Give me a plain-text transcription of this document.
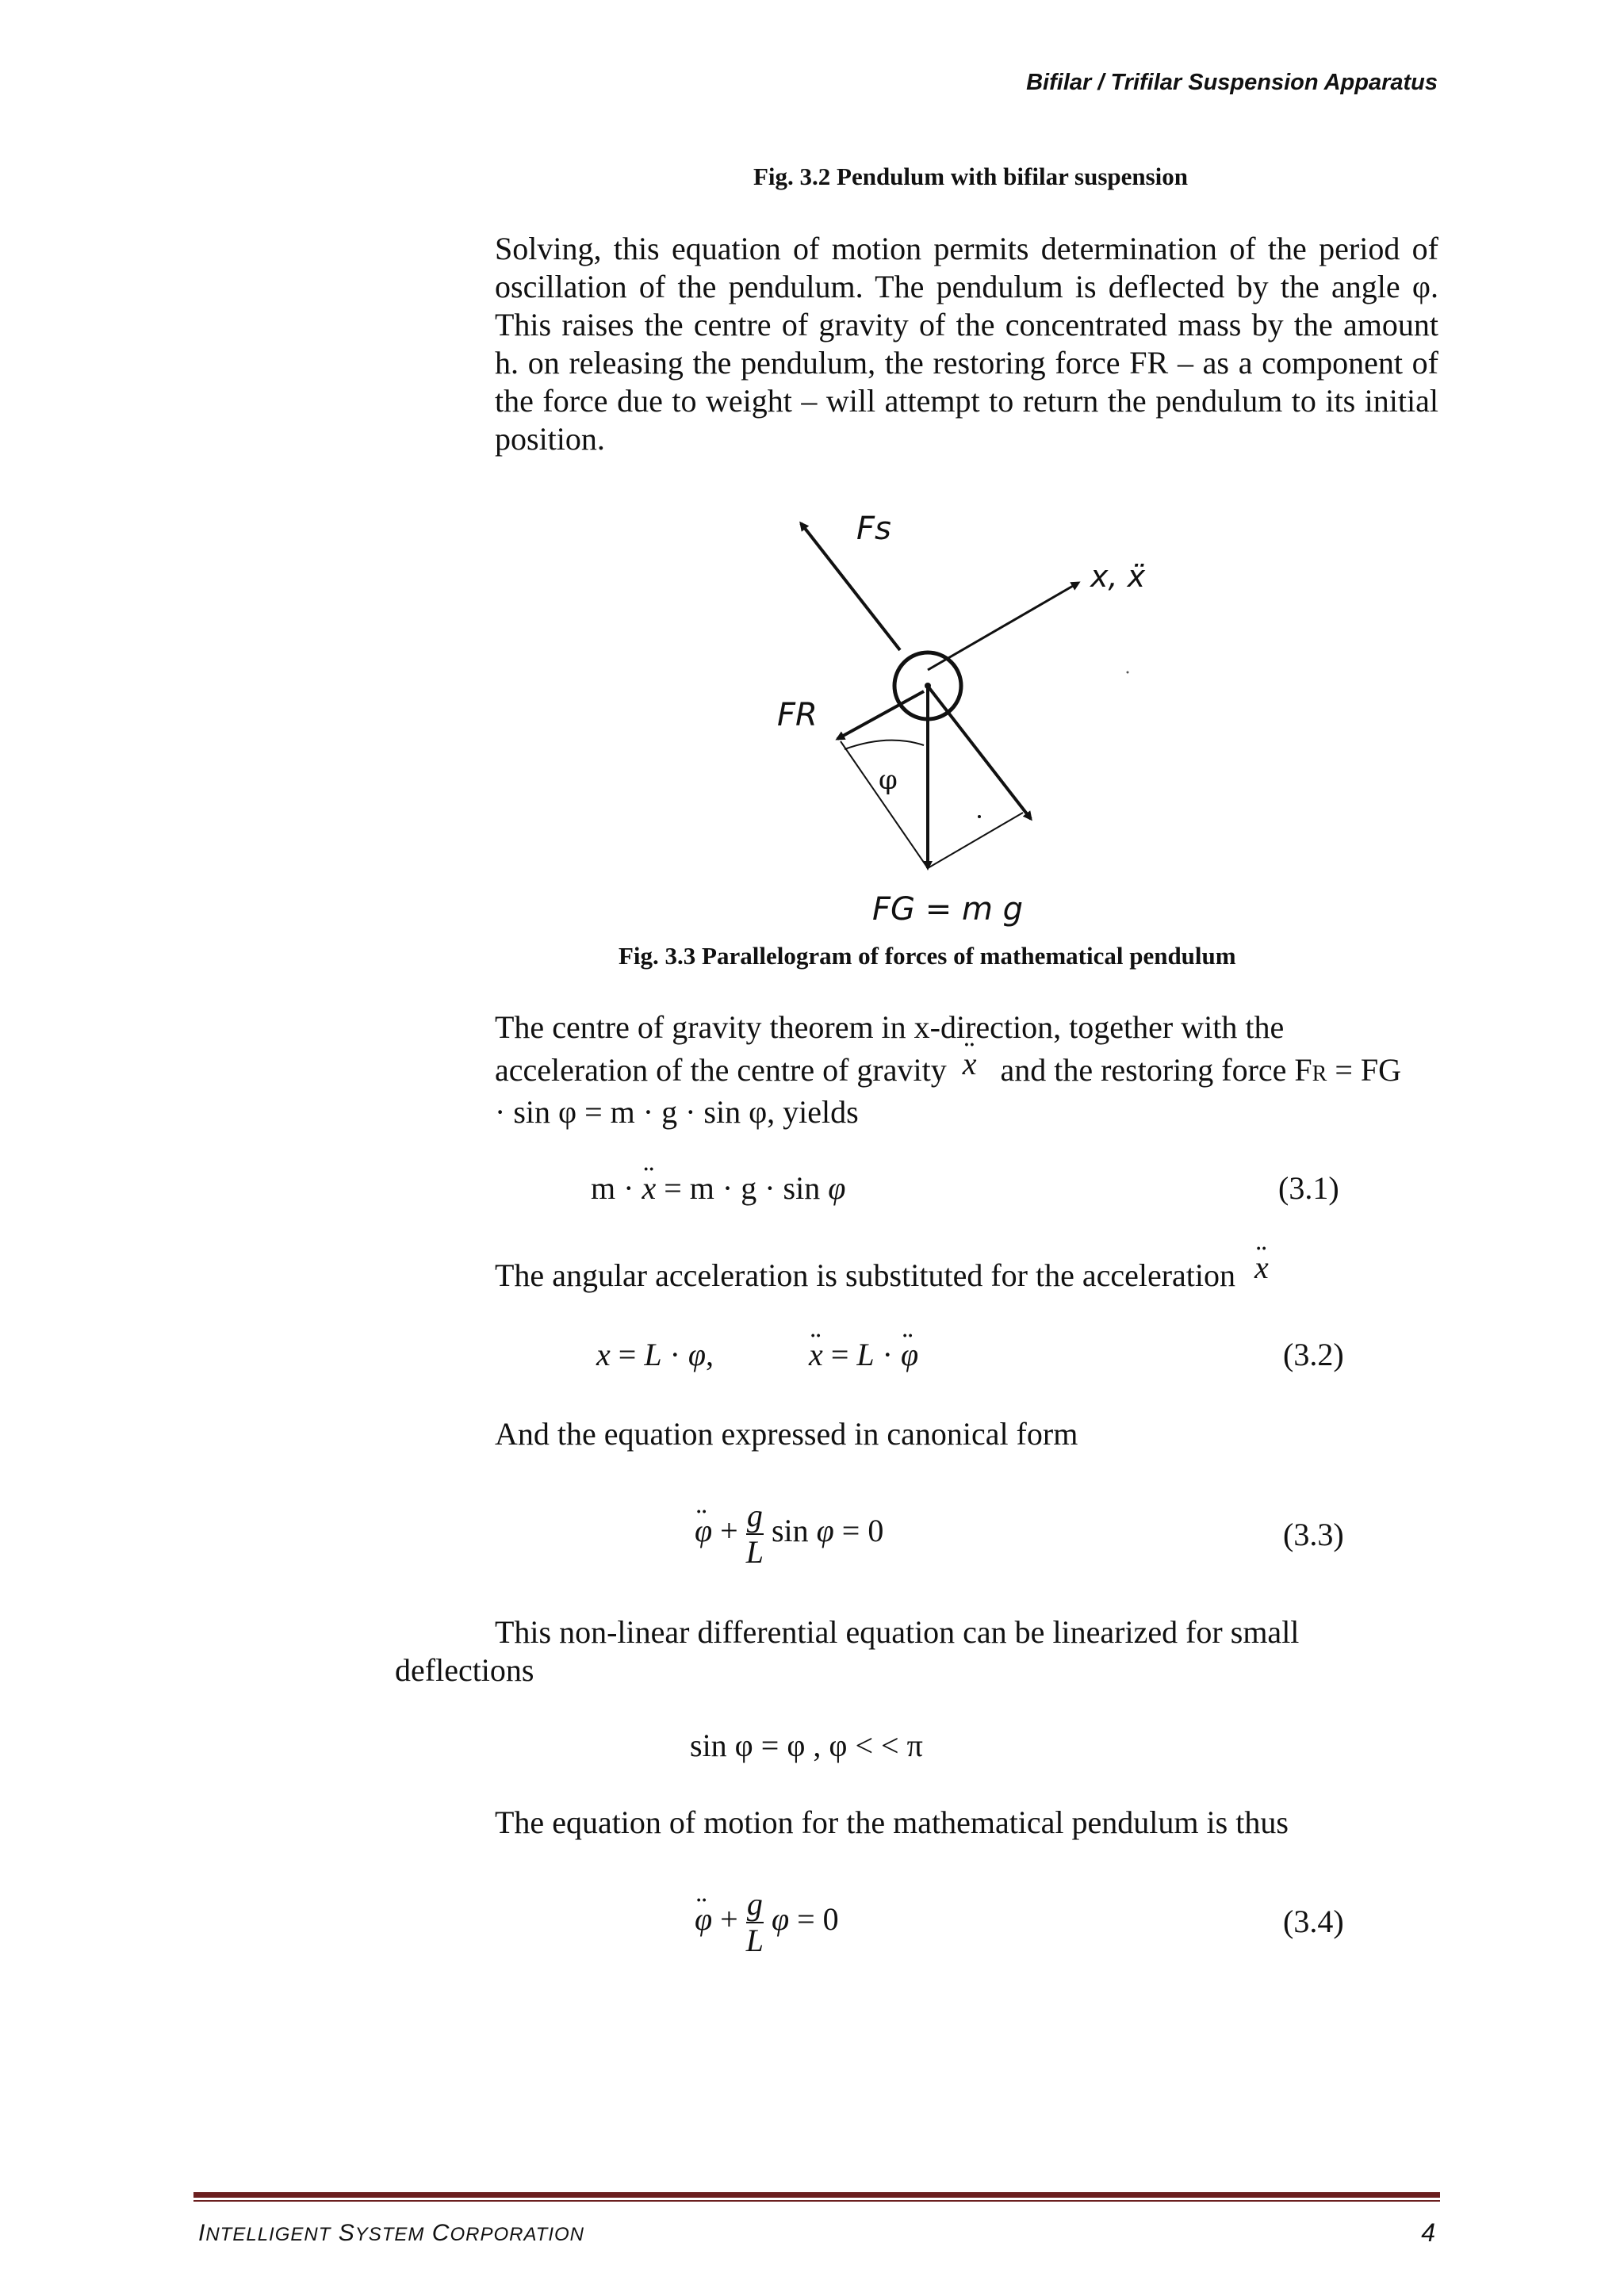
Bifilar / Trifilar Suspension Apparatus
Fig. 3.2 Pendulum with bifilar suspension
Solving, this equation of motion permits determination of the period of oscillation of the pendulum. The pendulum is deflected by the angle φ. This raises the centre of gravity of the concentrated mass by the amount h. on releasing the pendulum, the restoring force FR – as a component of the force due to weight – will attempt to return the pendulum to its initial position.
Fs
x, ẍ
FR
φ
FG = m g
Fig. 3.3 Parallelogram of forces of mathematical pendulum
The centre of gravity theorem in x-direction, together with the
acceleration of the centre of gravity ¨ x and the restoring force FR = FG
· sin φ = m · g · sin φ, yields
m · ¨ x = m · g · sin φ	(3.1)
The angular acceleration is substituted for the acceleration ¨ x
x = L · φ,	¨ x = L · ¨ φ	(3.2)
And the equation expressed in canonical form
¨ $\varphi + \frac{g}{L}$ sin φ = 0	(3.3)
This non-linear differential equation can be linearized for small
deflections
sin φ = φ , φ < < π
The equation of motion for the mathematical pendulum is thus
¨ $\varphi + \frac{g}{L}$ φ = 0	(3.4)
INTELLIGENT SYSTEM CORPORATION	4
